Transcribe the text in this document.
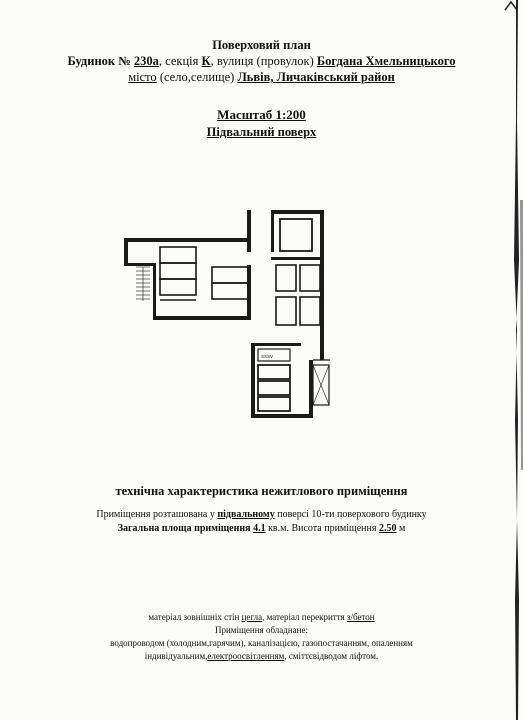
Поверховий план
Будинок № 230а, секція К, вулиця (провулок) Богдана Хмельницького
місто (село,селище) Львів, Личаківський район
Масштаб 1:200
Підвальний поверх
SSSV
технічна характеристика нежитлового приміщення
Приміщення розташована у підвальному поверсі 10-ти поверхового будинку
Загальна площа приміщення 4.1 кв.м. Висота приміщення 2.50 м
матеріал зовнішніх стін цегла, матеріал перекриття з/бетон
Приміщення обладнане:
водопроводом (холодним,гарячим), каналізацією, газопостачанням, опаленням
індивідуальним,електроосвітленням, сміттєвідводом ліфтом.
